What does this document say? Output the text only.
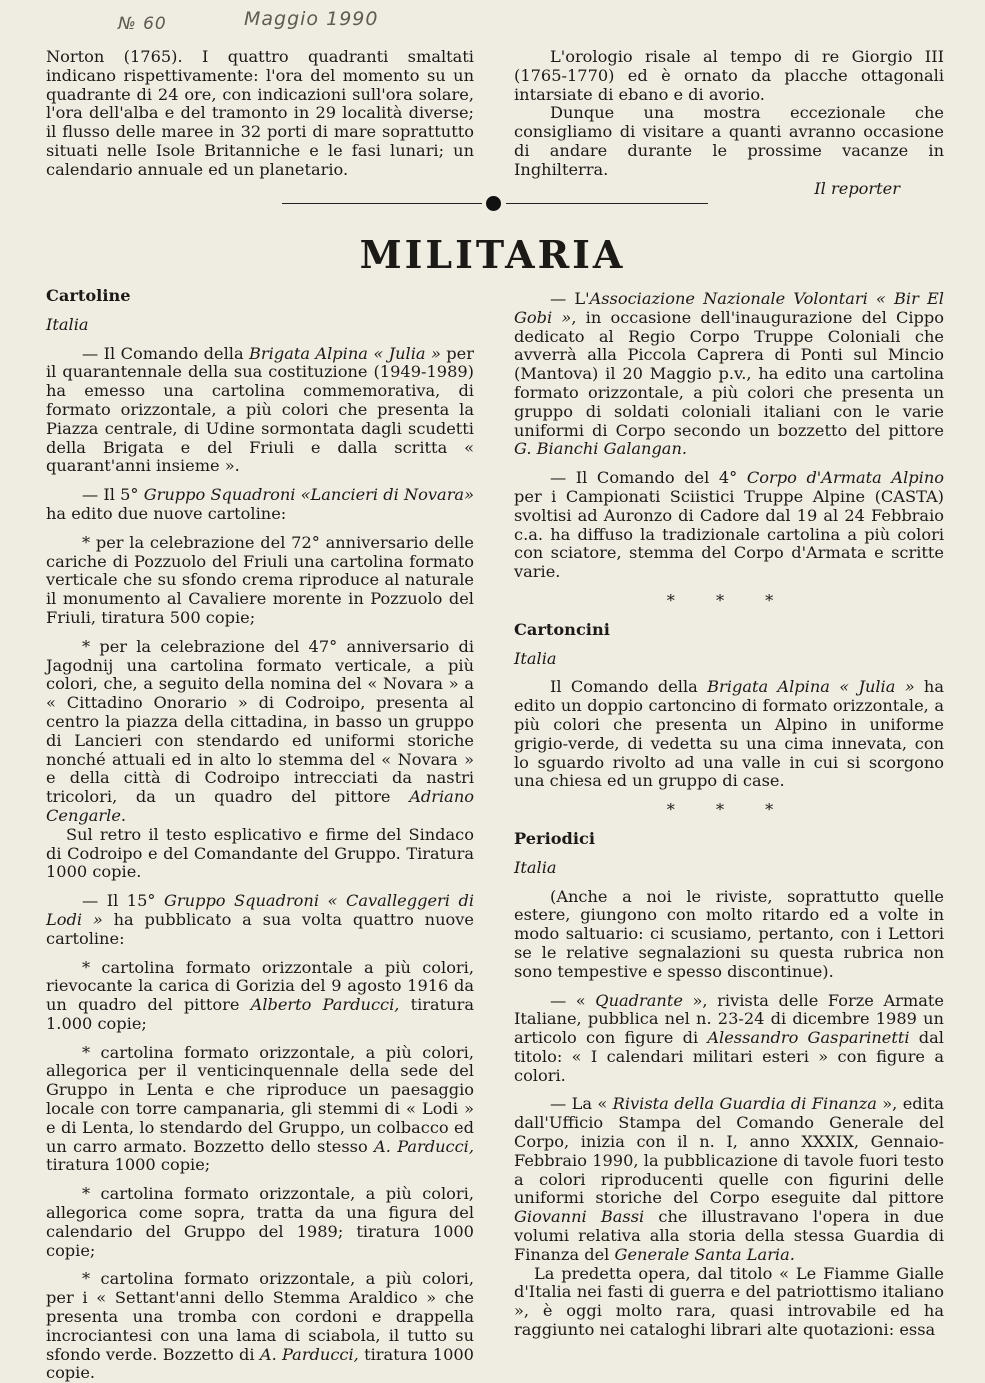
№ 60	Maggio 1990

Norton (1765). I quattro quadranti smaltati indicano rispettivamente: l'ora del momento su un quadrante di 24 ore, con indicazioni sull'ora solare, l'ora dell'alba e del tramonto in 29 località diverse; il flusso delle maree in 32 porti di mare soprattutto situati nelle Isole Britanniche e le fasi lunari; un calendario annuale ed un planetario.

L'orologio risale al tempo di re Giorgio III (1765-1770) ed è ornato da placche ottagonali intarsiate di ebano e di avorio.

Dunque una mostra eccezionale che consigliamo di visitare a quanti avranno occasione di andare durante le prossime vacanze in Inghilterra.

Il reporter

MILITARIA

Cartoline

Italia

— Il Comando della Brigata Alpina « Julia » per il quarantennale della sua costituzione (1949-1989) ha emesso una cartolina commemorativa, di formato orizzontale, a più colori che presenta la Piazza centrale, di Udine sormontata dagli scudetti della Brigata e del Friuli e dalla scritta « quarant'anni insieme ».

— Il 5° Gruppo Squadroni «Lancieri di Novara» ha edito due nuove cartoline:

* per la celebrazione del 72° anniversario delle cariche di Pozzuolo del Friuli una cartolina formato verticale che su sfondo crema riproduce al naturale il monumento al Cavaliere morente in Pozzuolo del Friuli, tiratura 500 copie;

* per la celebrazione del 47° anniversario di Jagodnij una cartolina formato verticale, a più colori, che, a seguito della nomina del « Novara » a « Cittadino Onorario » di Codroipo, presenta al centro la piazza della cittadina, in basso un gruppo di Lancieri con stendardo ed uniformi storiche nonché attuali ed in alto lo stemma del « Novara » e della città di Codroipo intrecciati da nastri tricolori, da un quadro del pittore Adriano Cengarle.

Sul retro il testo esplicativo e firme del Sindaco di Codroipo e del Comandante del Gruppo. Tiratura 1000 copie.

— Il 15° Gruppo Squadroni « Cavalleggeri di Lodi » ha pubblicato a sua volta quattro nuove cartoline:

* cartolina formato orizzontale a più colori, rievocante la carica di Gorizia del 9 agosto 1916 da un quadro del pittore Alberto Parducci, tiratura 1.000 copie;

* cartolina formato orizzontale, a più colori, allegorica per il venticinquennale della sede del Gruppo in Lenta e che riproduce un paesaggio locale con torre campanaria, gli stemmi di « Lodi » e di Lenta, lo stendardo del Gruppo, un colbacco ed un carro armato. Bozzetto dello stesso A. Parducci, tiratura 1000 copie;

* cartolina formato orizzontale, a più colori, allegorica come sopra, tratta da una figura del calendario del Gruppo del 1989; tiratura 1000 copie;

* cartolina formato orizzontale, a più colori, per i « Settant'anni dello Stemma Araldico » che presenta una tromba con cordoni e drappella incrociantesi con una lama di sciabola, il tutto su sfondo verde. Bozzetto di A. Parducci, tiratura 1000 copie.

— L'Associazione Nazionale Volontari « Bir El Gobi », in occasione dell'inaugurazione del Cippo dedicato al Regio Corpo Truppe Coloniali che avverrà alla Piccola Caprera di Ponti sul Mincio (Mantova) il 20 Maggio p.v., ha edito una cartolina formato orizzontale, a più colori che presenta un gruppo di soldati coloniali italiani con le varie uniformi di Corpo secondo un bozzetto del pittore G. Bianchi Galangan.

— Il Comando del 4° Corpo d'Armata Alpino per i Campionati Sciistici Truppe Alpine (CASTA) svoltisi ad Auronzo di Cadore dal 19 al 24 Febbraio c.a. ha diffuso la tradizionale cartolina a più colori con sciatore, stemma del Corpo d'Armata e scritte varie.

* * *

Cartoncini

Italia

Il Comando della Brigata Alpina « Julia » ha edito un doppio cartoncino di formato orizzontale, a più colori che presenta un Alpino in uniforme grigio-verde, di vedetta su una cima innevata, con lo sguardo rivolto ad una valle in cui si scorgono una chiesa ed un gruppo di case.

* * *

Periodici

Italia

(Anche a noi le riviste, soprattutto quelle estere, giungono con molto ritardo ed a volte in modo saltuario: ci scusiamo, pertanto, con i Lettori se le relative segnalazioni su questa rubrica non sono tempestive e spesso discontinue).

— « Quadrante », rivista delle Forze Armate Italiane, pubblica nel n. 23-24 di dicembre 1989 un articolo con figure di Alessandro Gasparinetti dal titolo: « I calendari militari esteri » con figure a colori.

— La « Rivista della Guardia di Finanza », edita dall'Ufficio Stampa del Comando Generale del Corpo, inizia con il n. I, anno XXXIX, Gennaio-Febbraio 1990, la pubblicazione di tavole fuori testo a colori riproducenti quelle con figurini delle uniformi storiche del Corpo eseguite dal pittore Giovanni Bassi che illustravano l'opera in due volumi relativa alla storia della stessa Guardia di Finanza del Generale Santa Laria.

La predetta opera, dal titolo « Le Fiamme Gialle d'Italia nei fasti di guerra e del patriottismo italiano », è oggi molto rara, quasi introvabile ed ha raggiunto nei cataloghi librari alte quotazioni: essa
